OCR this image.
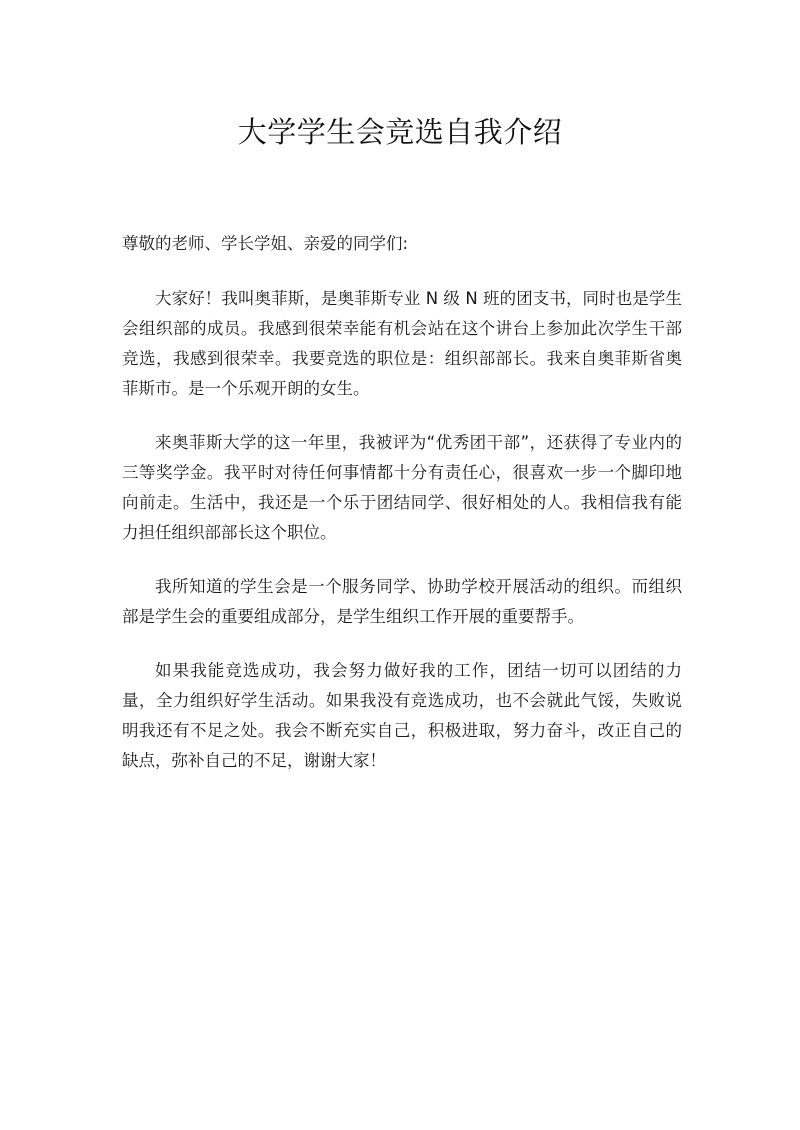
大学学生会竞选自我介绍

尊敬的老师、学长学姐、亲爱的同学们:

大家好！我叫奥菲斯，是奥菲斯专业 N 级 N 班的团支书，同时也是学生会组织部的成员。我感到很荣幸能有机会站在这个讲台上参加此次学生干部竞选，我感到很荣幸。我要竞选的职位是：组织部部长。我来自奥菲斯省奥菲斯市。是一个乐观开朗的女生。

来奥菲斯大学的这一年里，我被评为“优秀团干部”，还获得了专业内的三等奖学金。我平时对待任何事情都十分有责任心，很喜欢一步一个脚印地向前走。生活中，我还是一个乐于团结同学、很好相处的人。我相信我有能力担任组织部部长这个职位。

我所知道的学生会是一个服务同学、协助学校开展活动的组织。而组织部是学生会的重要组成部分，是学生组织工作开展的重要帮手。

如果我能竞选成功，我会努力做好我的工作，团结一切可以团结的力量，全力组织好学生活动。如果我没有竞选成功，也不会就此气馁，失败说明我还有不足之处。我会不断充实自己，积极进取，努力奋斗，改正自己的缺点，弥补自己的不足，谢谢大家！
